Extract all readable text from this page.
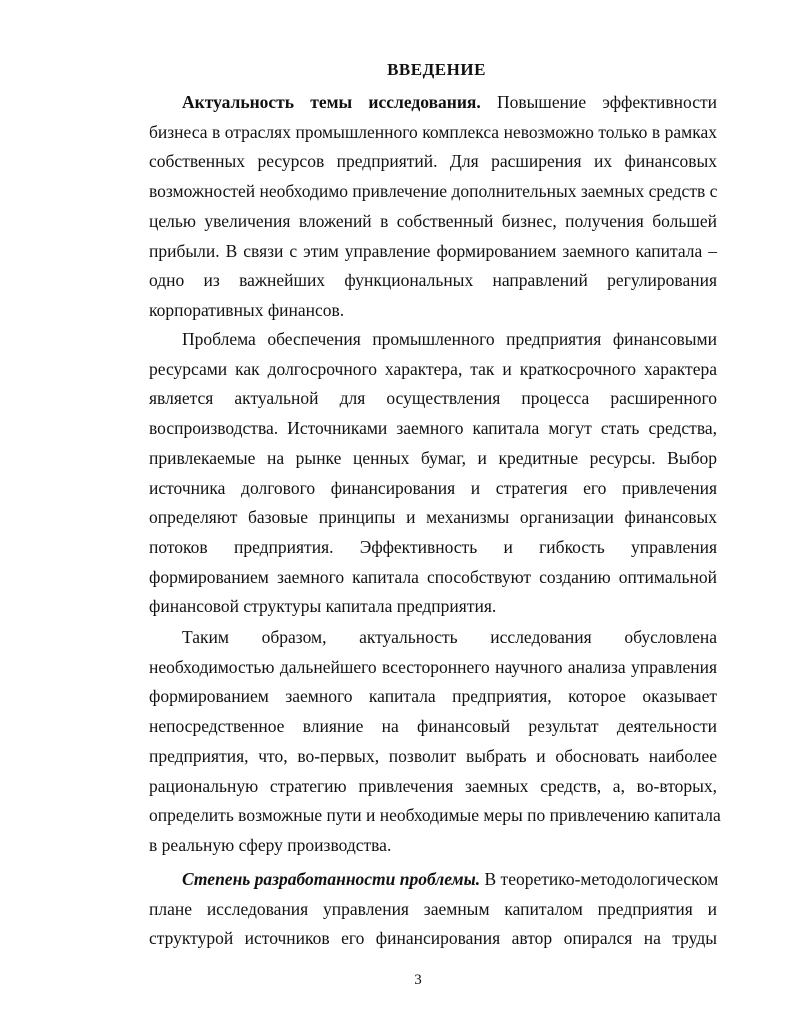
ВВЕДЕНИЕ
Актуальность темы исследования. Повышение эффективности
бизнеса в отраслях промышленного комплекса невозможно только в рамках
собственных ресурсов предприятий. Для расширения их финансовых
возможностей необходимо привлечение дополнительных заемных средств с
целью увеличения вложений в собственный бизнес, получения большей
прибыли. В связи с этим управление формированием заемного капитала –
одно из важнейших функциональных направлений регулирования
корпоративных финансов.
Проблема обеспечения промышленного предприятия финансовыми
ресурсами как долгосрочного характера, так и краткосрочного характера
является актуальной для осуществления процесса расширенного
воспроизводства. Источниками заемного капитала могут стать средства,
привлекаемые на рынке ценных бумаг, и кредитные ресурсы. Выбор
источника долгового финансирования и стратегия его привлечения
определяют базовые принципы и механизмы организации финансовых
потоков предприятия. Эффективность и гибкость управления
формированием заемного капитала способствуют созданию оптимальной
финансовой структуры капитала предприятия.
Таким образом, актуальность исследования обусловлена
необходимостью дальнейшего всестороннего научного анализа управления
формированием заемного капитала предприятия, которое оказывает
непосредственное влияние на финансовый результат деятельности
предприятия, что, во-первых, позволит выбрать и обосновать наиболее
рациональную стратегию привлечения заемных средств, а, во-вторых,
определить возможные пути и необходимые меры по привлечению капитала
в реальную сферу производства.
Степень разработанности проблемы. В теоретико-методологическом
плане исследования управления заемным капиталом предприятия и
структурой источников его финансирования автор опирался на труды
3
